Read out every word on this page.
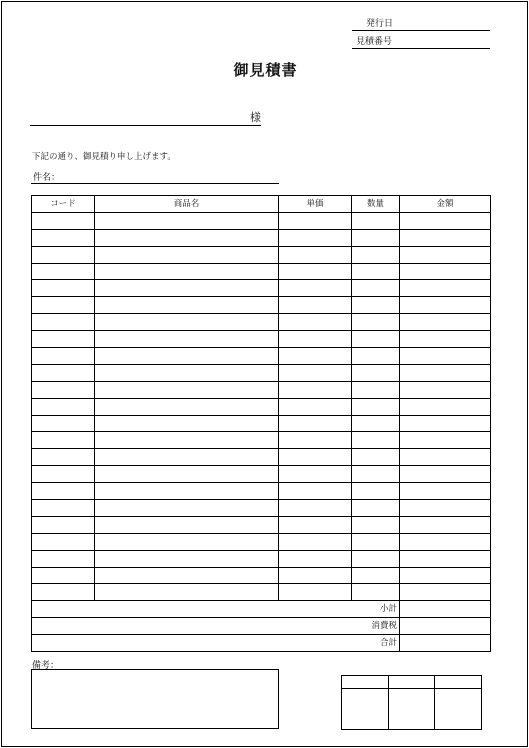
発行日
見積番号
御見積書
様
下記の通り、御見積り申し上げます。
件名：
コード	商品名	単価	数量	金額

小計				
消費税				
合計				
備考：
